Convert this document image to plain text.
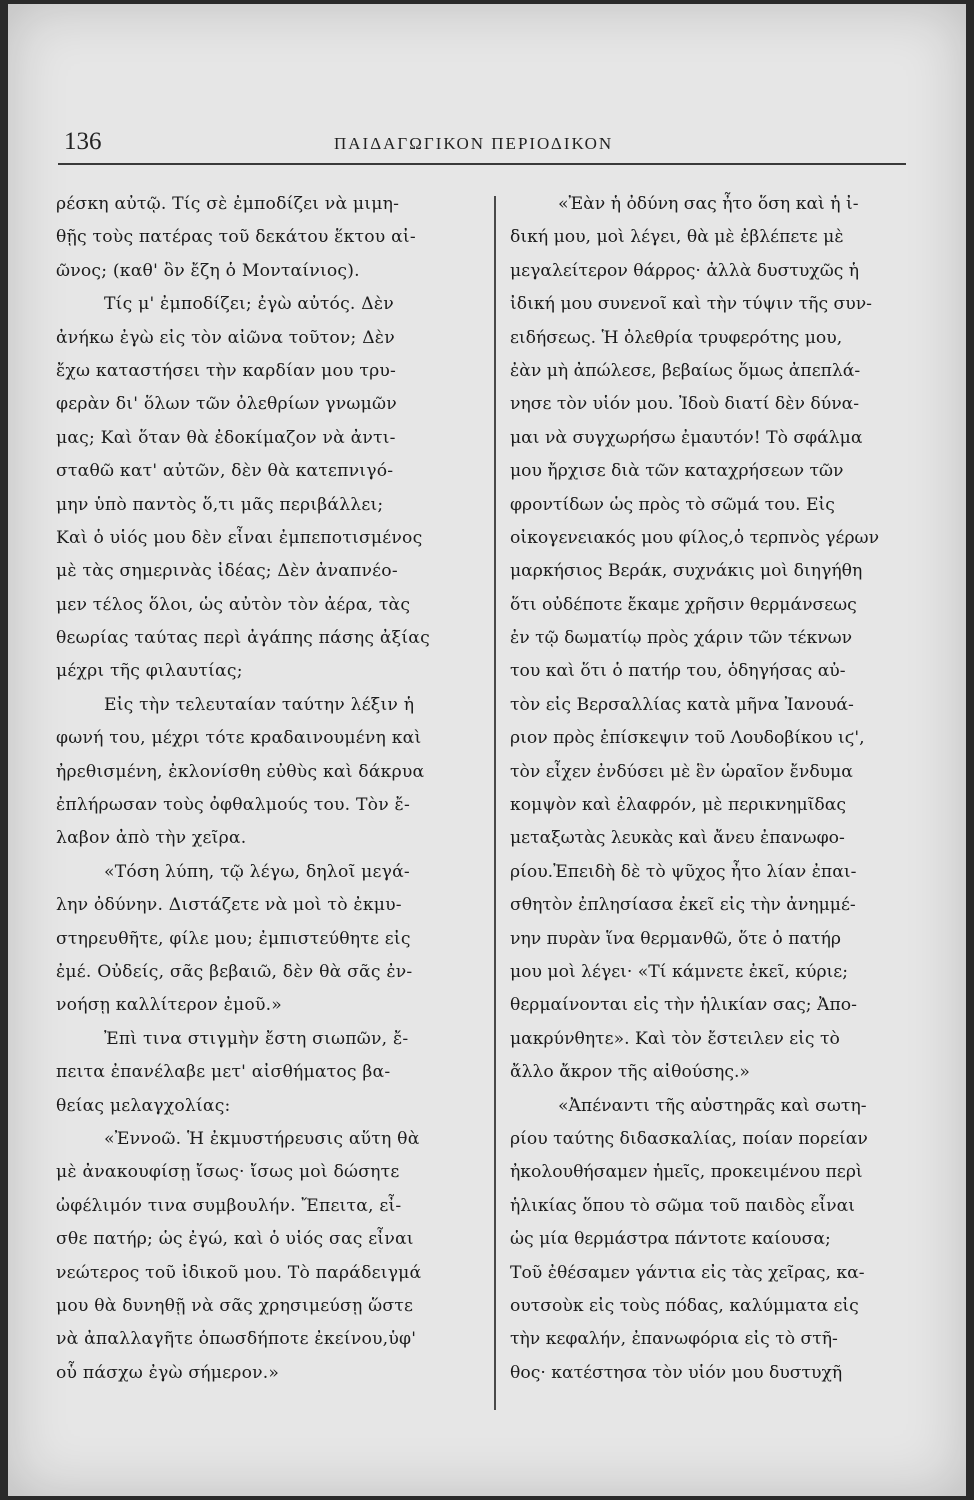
136	ΠΑΙΔΑΓΩΓΙΚΟΝ ΠΕΡΙΟΔΙΚΟΝ

ρέσκη αὐτῷ. Τίς σὲ ἐμποδίζει νὰ μιμη-

θῇς τοὺς πατέρας τοῦ δεκάτου ἕκτου αἰ-

ῶνος; (καθ' ὃν ἔζη ὁ Μονταίνιος).

Τίς μ' ἐμποδίζει; ἐγὼ αὐτός. Δὲν

ἀνήκω ἐγὼ εἰς τὸν αἰῶνα τοῦτον; Δὲν

ἔχω καταστήσει τὴν καρδίαν μου τρυ-

φερὰν δι' ὅλων τῶν ὀλεθρίων γνωμῶν

μας; Καὶ ὅταν θὰ ἐδοκίμαζον νὰ ἀντι-

σταθῶ κατ' αὐτῶν, δὲν θὰ κατεπνιγό-

μην ὑπὸ παντὸς ὅ,τι μᾶς περιβάλλει;

Καὶ ὁ υἱός μου δὲν εἶναι ἐμπεποτισμένος

μὲ τὰς σημερινὰς ἰδέας; Δὲν ἀναπνέο-

μεν τέλος ὅλοι, ὡς αὐτὸν τὸν ἀέρα, τὰς

θεωρίας ταύτας περὶ ἀγάπης πάσης ἀξίας

μέχρι τῆς φιλαυτίας;

Εἰς τὴν τελευταίαν ταύτην λέξιν ἡ

φωνή του, μέχρι τότε κραδαινουμένη καὶ

ἠρεθισμένη, ἐκλονίσθη εὐθὺς καὶ δάκρυα

ἐπλήρωσαν τοὺς ὀφθαλμούς του. Τὸν ἔ-

λαβον ἀπὸ τὴν χεῖρα.

«Τόση λύπη, τῷ λέγω, δηλοῖ μεγά-

λην ὀδύνην. Διστάζετε νὰ μοὶ τὸ ἐκμυ-

στηρευθῆτε, φίλε μου; ἐμπιστεύθητε εἰς

ἐμέ. Οὐδείς, σᾶς βεβαιῶ, δὲν θὰ σᾶς ἐν-

νοήσῃ καλλίτερον ἐμοῦ.»

Ἐπὶ τινα στιγμὴν ἔστη σιωπῶν, ἔ-

πειτα ἐπανέλαβε μετ' αἰσθήματος βα-

θείας μελαγχολίας:

«Ἐννοῶ. Ἡ ἐκμυστήρευσις αὕτη θὰ

μὲ ἀνακουφίσῃ ἴσως· ἴσως μοὶ δώσητε

ὠφέλιμόν τινα συμβουλήν. Ἔπειτα, εἶ-

σθε πατήρ; ὡς ἐγώ, καὶ ὁ υἱός σας εἶναι

νεώτερος τοῦ ἰδικοῦ μου. Τὸ παράδειγμά

μου θὰ δυνηθῇ νὰ σᾶς χρησιμεύσῃ ὥστε

νὰ ἀπαλλαγῆτε ὁπωσδήποτε ἐκείνου,ὑφ'

οὗ πάσχω ἐγὼ σήμερον.»

«Ἐὰν ἡ ὀδύνη σας ἦτο ὅση καὶ ἡ ἰ-

δική μου, μοὶ λέγει, θὰ μὲ ἐβλέπετε μὲ

μεγαλείτερον θάρρος· ἀλλὰ δυστυχῶς ἡ

ἰδική μου συνενοῖ καὶ τὴν τύψιν τῆς συν-

ειδήσεως. Ἡ ὀλεθρία τρυφερότης μου,

ἐὰν μὴ ἀπώλεσε, βεβαίως ὅμως ἀπεπλά-

νησε τὸν υἱόν μου. Ἰδοὺ διατί δὲν δύνα-

μαι νὰ συγχωρήσω ἐμαυτόν! Τὸ σφάλμα

μου ἤρχισε διὰ τῶν καταχρήσεων τῶν

φροντίδων ὡς πρὸς τὸ σῶμά του. Εἰς

οἰκογενειακός μου φίλος,ὁ τερπνὸς γέρων

μαρκήσιος Βεράκ, συχνάκις μοὶ διηγήθη

ὅτι οὐδέποτε ἔκαμε χρῆσιν θερμάνσεως

ἐν τῷ δωματίῳ πρὸς χάριν τῶν τέκνων

του καὶ ὅτι ὁ πατήρ του, ὁδηγήσας αὐ-

τὸν εἰς Βερσαλλίας κατὰ μῆνα Ἰανουά-

ριον πρὸς ἐπίσκεψιν τοῦ Λουδοβίκου ιϛ',

τὸν εἶχεν ἐνδύσει μὲ ἓν ὡραῖον ἔνδυμα

κομψὸν καὶ ἐλαφρόν, μὲ περικνημῖδας

μεταξωτὰς λευκὰς καὶ ἄνευ ἐπανωφο-

ρίου.Ἐπειδὴ δὲ τὸ ψῦχος ἦτο λίαν ἐπαι-

σθητὸν ἐπλησίασα ἐκεῖ εἰς τὴν ἀνημμέ-

νην πυρὰν ἵνα θερμανθῶ, ὅτε ὁ πατήρ

μου μοὶ λέγει· «Τί κάμνετε ἐκεῖ, κύριε;

θερμαίνονται εἰς τὴν ἡλικίαν σας; Ἀπο-

μακρύνθητε». Καὶ τὸν ἔστειλεν εἰς τὸ

ἄλλο ἄκρον τῆς αἰθούσης.»

«Ἀπέναντι τῆς αὐστηρᾶς καὶ σωτη-

ρίου ταύτης διδασκαλίας, ποίαν πορείαν

ἠκολουθήσαμεν ἡμεῖς, προκειμένου περὶ

ἡλικίας ὅπου τὸ σῶμα τοῦ παιδὸς εἶναι

ὡς μία θερμάστρα πάντοτε καίουσα;

Τοῦ ἐθέσαμεν γάντια εἰς τὰς χεῖρας, κα-

ουτσοὺκ εἰς τοὺς πόδας, καλύμματα εἰς

τὴν κεφαλήν, ἐπανωφόρια εἰς τὸ στῆ-

θος· κατέστησα τὸν υἱόν μου δυστυχῆ
